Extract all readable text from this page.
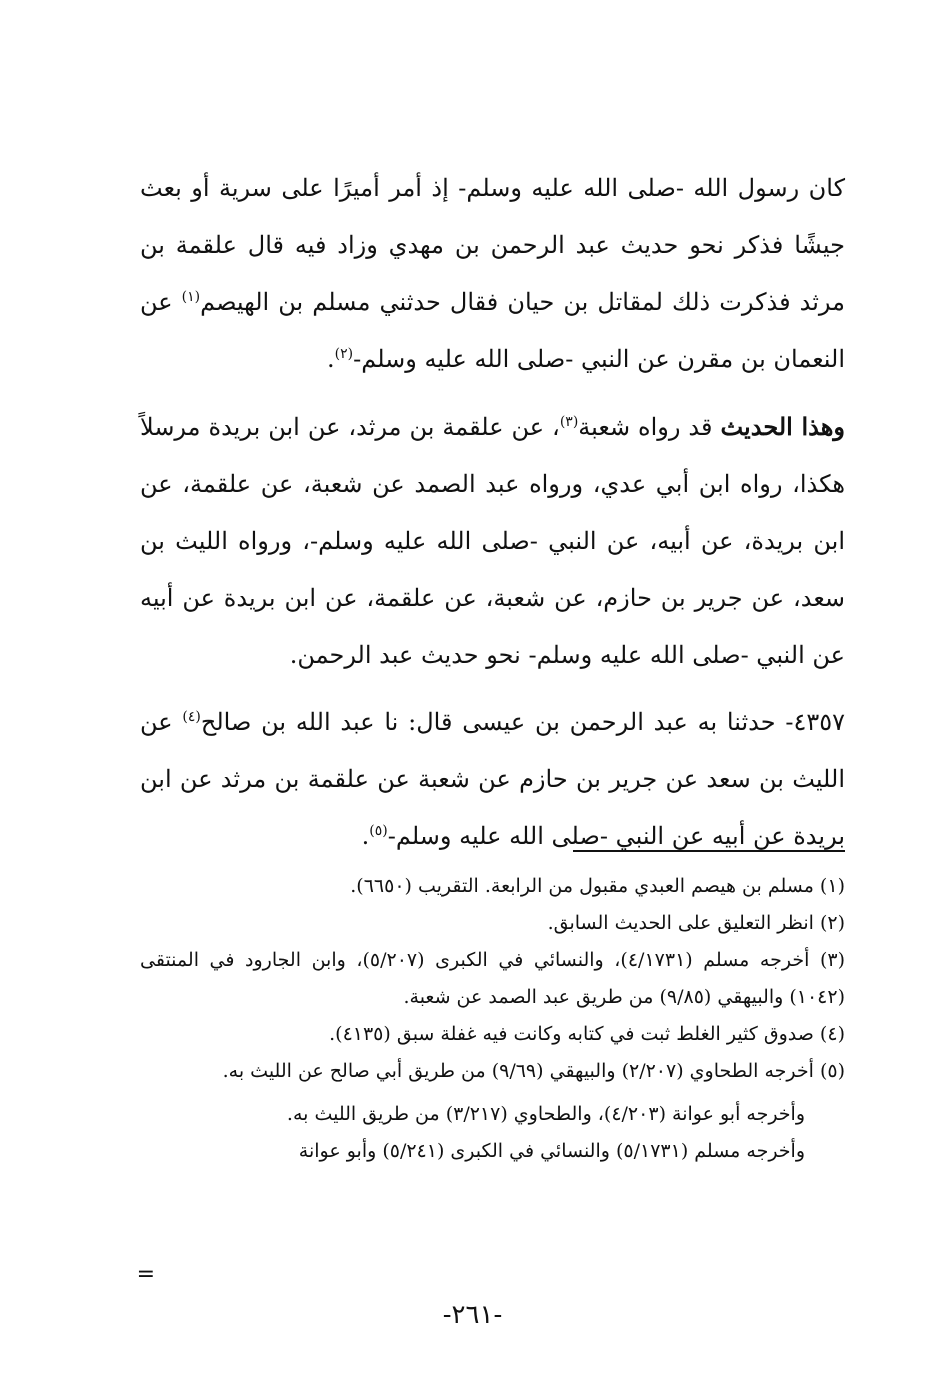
كان رسول الله -صلى الله عليه وسلم- إذ أمر أميرًا على سرية أو بعث جيشًا فذكر نحو حديث عبد الرحمن بن مهدي وزاد فيه قال علقمة بن مرثد فذكرت ذلك لمقاتل بن حيان فقال حدثني مسلم بن الهيصم$^{(١)}$ عن النعمان بن مقرن عن النبي -صلى الله عليه وسلم-$^{(٢)}$.

وهذا الحديث قد رواه شعبة$^{(٣)}$، عن علقمة بن مرثد، عن ابن بريدة مرسلاً هكذا، رواه ابن أبي عدي، ورواه عبد الصمد عن شعبة، عن علقمة، عن ابن بريدة، عن أبيه، عن النبي -صلى الله عليه وسلم-، ورواه الليث بن سعد، عن جرير بن حازم، عن شعبة، عن علقمة، عن ابن بريدة عن أبيه عن النبي -صلى الله عليه وسلم- نحو حديث عبد الرحمن.

٤٣٥٧- حدثنا به عبد الرحمن بن عيسى قال: نا عبد الله بن صالح$^{(٤)}$ عن الليث بن سعد عن جرير بن حازم عن شعبة عن علقمة بن مرثد عن ابن بريدة عن أبيه عن النبي -صلى الله عليه وسلم-$^{(٥)}$.

(١) مسلم بن هيصم العبدي مقبول من الرابعة. التقريب (٦٦٥٠).

(٢) انظر التعليق على الحديث السابق.

(٣) أخرجه مسلم (٤/١٧٣١)، والنسائي في الكبرى (٥/٢٠٧)، وابن الجارود في المنتقى (١٠٤٢) والبيهقي (٩/٨٥) من طريق عبد الصمد عن شعبة.

(٤) صدوق كثير الغلط ثبت في كتابه وكانت فيه غفلة سبق (٤١٣٥).

(٥) أخرجه الطحاوي (٢/٢٠٧) والبيهقي (٩/٦٩) من طريق أبي صالح عن الليث به.

وأخرجه أبو عوانة (٤/٢٠٣)، والطحاوي (٣/٢١٧) من طريق الليث به.

وأخرجه مسلم (٥/١٧٣١) والنسائي في الكبرى (٥/٢٤١) وأبو عوانة

=
-٢٦١-
